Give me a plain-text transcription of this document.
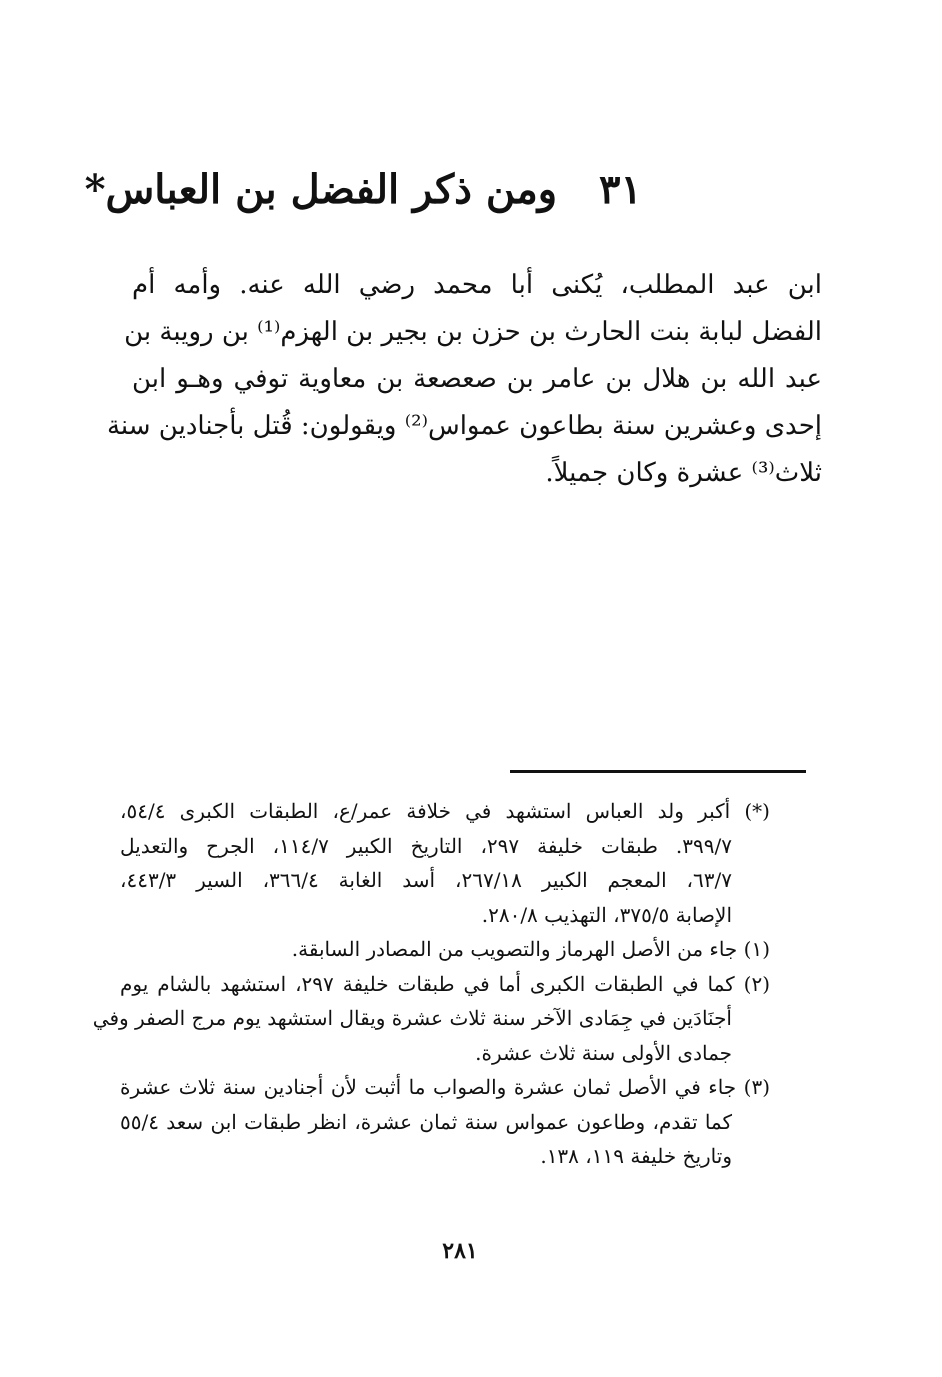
٣١ ومن ذكر الفضل بن العباس*
ابن عبد المطلب، يُكنى أبا محمد رضي الله عنه. وأمه أم
الفضل لبابة بنت الحارث بن حزن بن بجير بن الهزم⁽¹⁾ بن رويبة بن
عبد الله بن هلال بن عامر بن صعصعة بن معاوية توفي وهـو ابن
إحدى وعشرين سنة بطاعون عمواس⁽²⁾ ويقولون: قُتل بأجنادين سنة
ثلاث⁽³⁾ عشرة وكان جميلاً.
(*) أكبر ولد العباس استشهد في خلافة عمر/ع، الطبقات الكبرى ٥٤/٤،
٣٩٩/٧. طبقات خليفة ٢٩٧، التاريخ الكبير ١١٤/٧، الجرح والتعديل
٦٣/٧، المعجم الكبير ٢٦٧/١٨، أسد الغابة ٣٦٦/٤، السير ٤٤٣/٣،
الإصابة ٣٧٥/٥، التهذيب ٢٨٠/٨.
(١) جاء من الأصل الهرماز والتصويب من المصادر السابقة.
(٢) كما في الطبقات الكبرى أما في طبقات خليفة ٢٩٧، استشهد بالشام يوم
أجنَادَين في جِمَادى الآخر سنة ثلاث عشرة ويقال استشهد يوم مرج الصفر وفي
جمادى الأولى سنة ثلاث عشرة.
(٣) جاء في الأصل ثمان عشرة والصواب ما أثبت لأن أجنادين سنة ثلاث عشرة
كما تقدم، وطاعون عمواس سنة ثمان عشرة، انظر طبقات ابن سعد ٥٥/٤
وتاريخ خليفة ١١٩، ١٣٨.
٢٨١
